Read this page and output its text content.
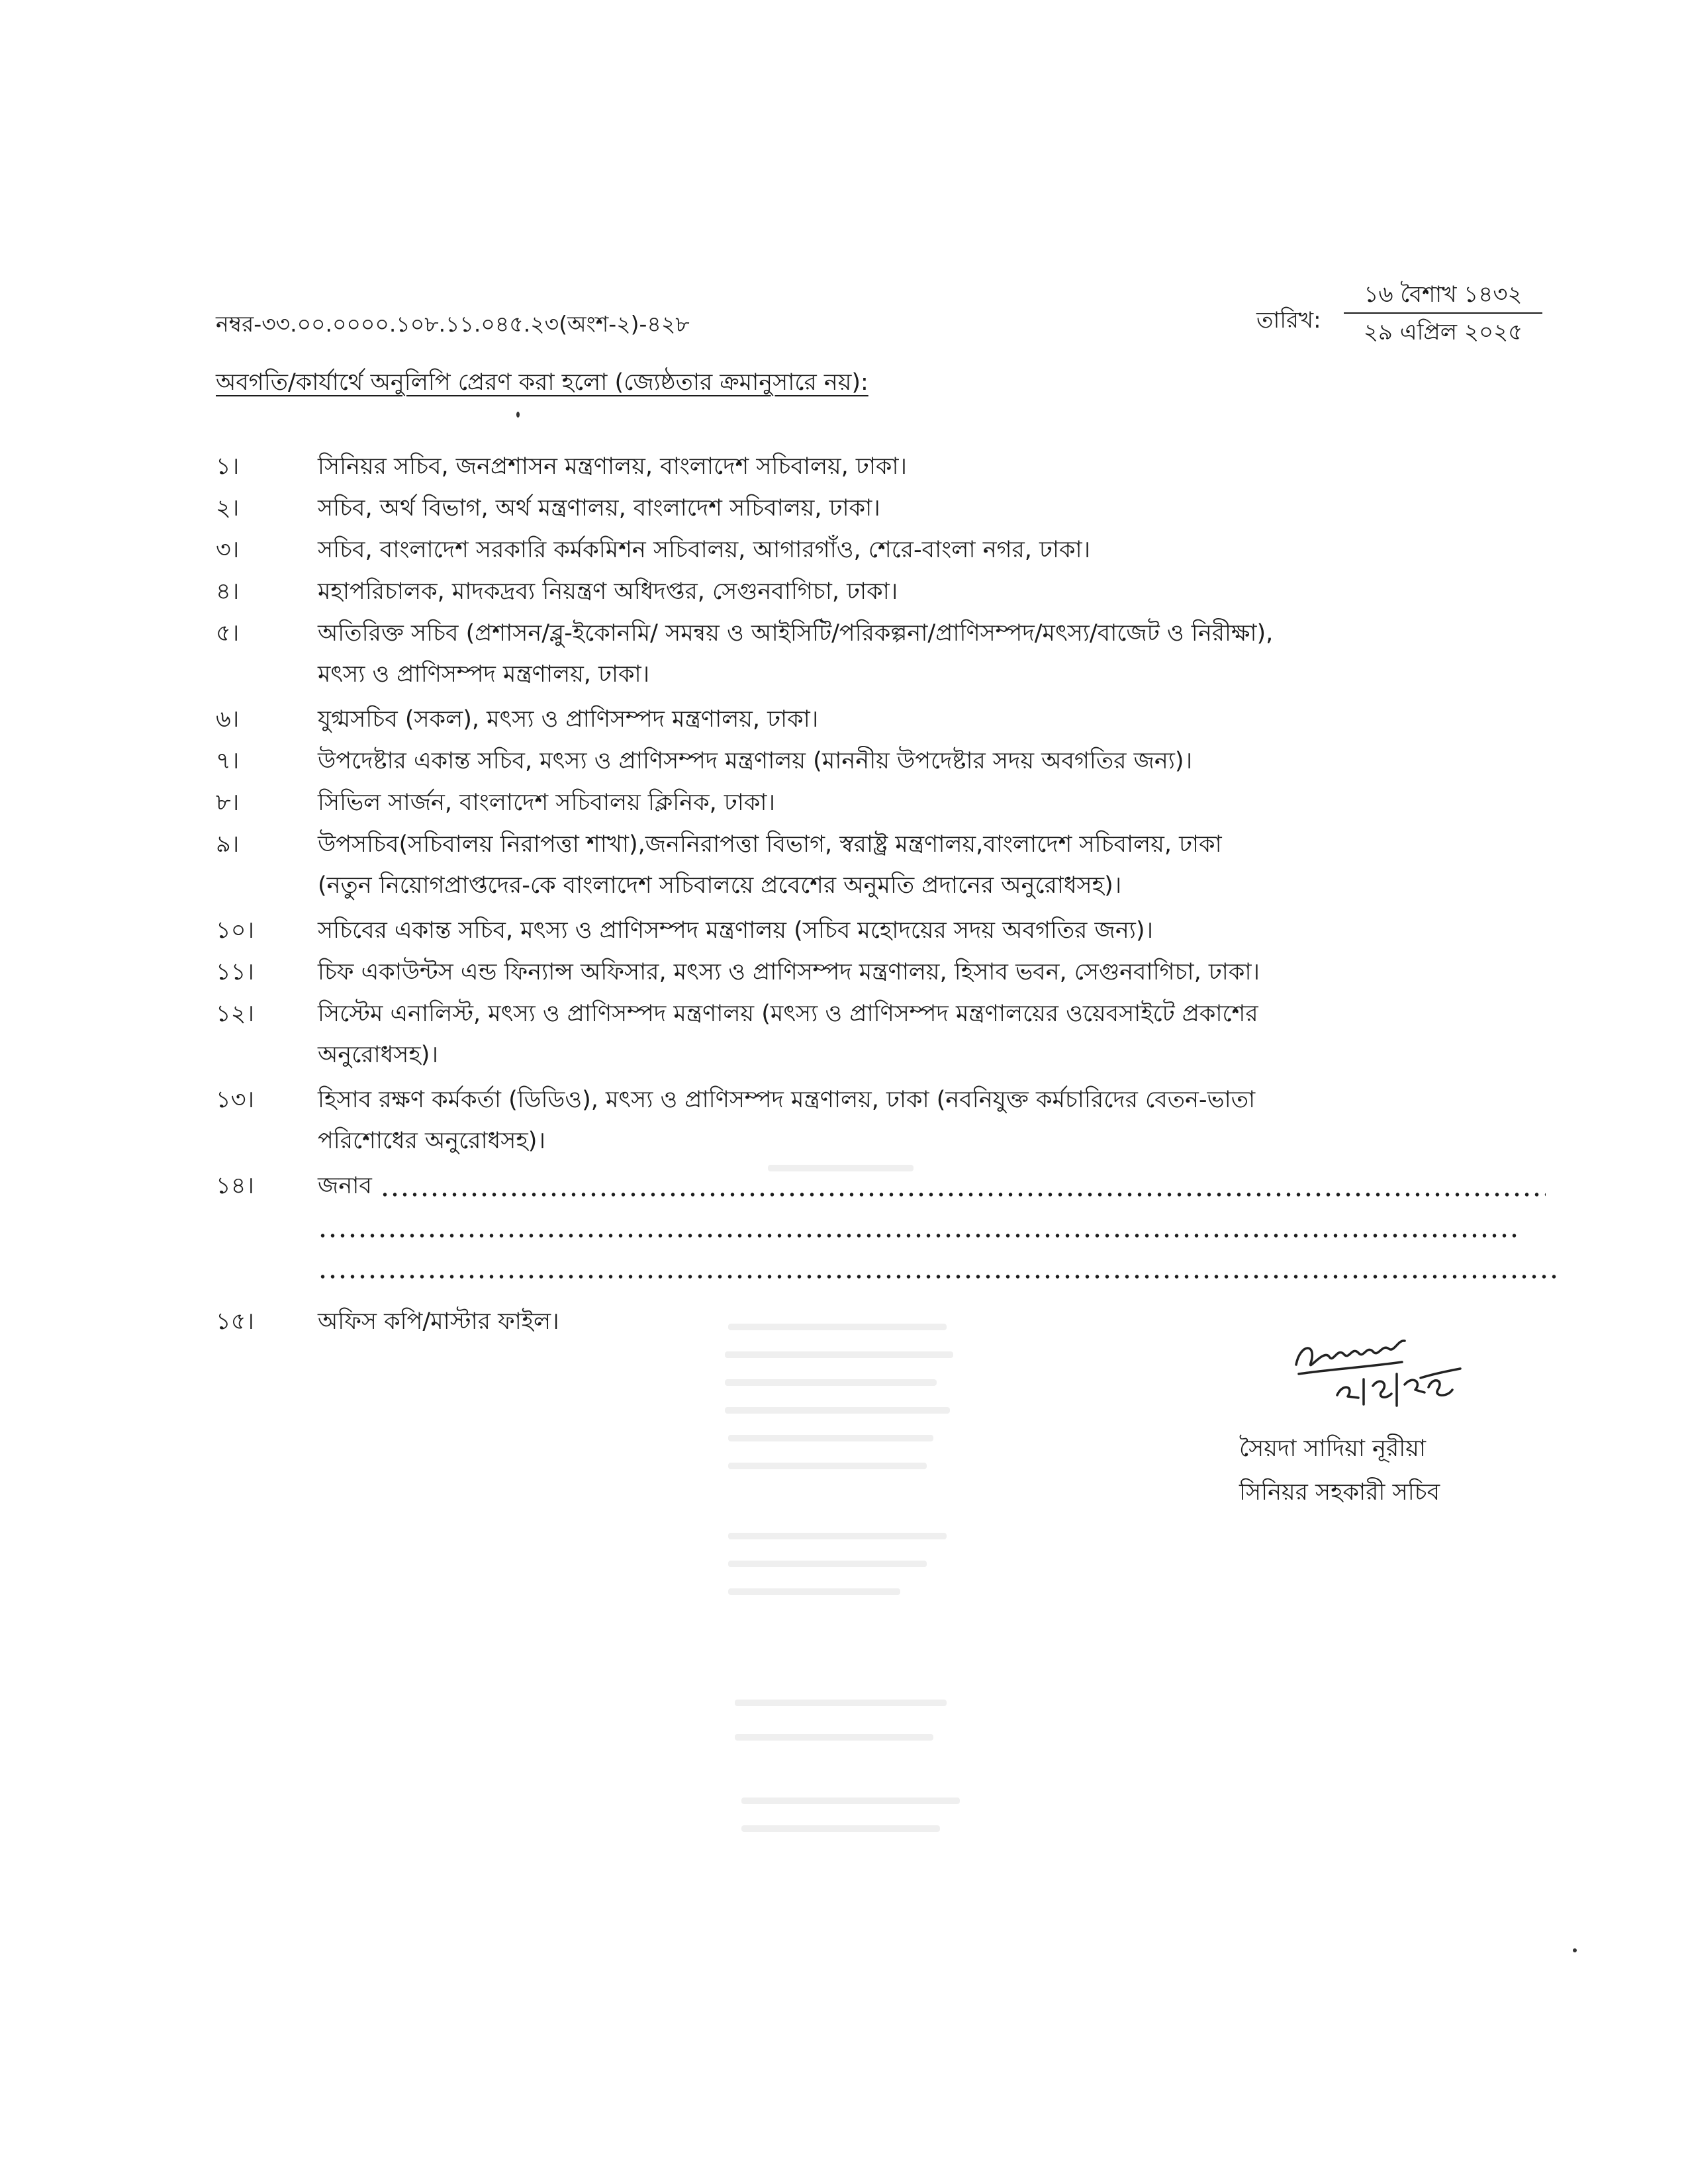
নম্বর-৩৩.০০.০০০০.১০৮.১১.০৪৫.২৩(অংশ-২)-৪২৮	তারিখ:
১৬ বৈশাখ ১৪৩২
২৯ এপ্রিল ২০২৫
অবগতি/কার্যার্থে অনুলিপি প্রেরণ করা হলো (জ্যেষ্ঠতার ক্রমানুসারে নয়):
১।	সিনিয়র সচিব, জনপ্রশাসন মন্ত্রণালয়, বাংলাদেশ সচিবালয়, ঢাকা।
২।	সচিব, অর্থ বিভাগ, অর্থ মন্ত্রণালয়, বাংলাদেশ সচিবালয়, ঢাকা।
৩।	সচিব, বাংলাদেশ সরকারি কর্মকমিশন সচিবালয়, আগারগাঁও, শেরে-বাংলা নগর, ঢাকা।
৪।	মহাপরিচালক, মাদকদ্রব্য নিয়ন্ত্রণ অধিদপ্তর, সেগুনবাগিচা, ঢাকা।
৫।	অতিরিক্ত সচিব (প্রশাসন/ব্লু-ইকোনমি/ সমন্বয় ও আইসিটি/পরিকল্পনা/প্রাণিসম্পদ/মৎস্য/বাজেট ও নিরীক্ষা),
মৎস্য ও প্রাণিসম্পদ মন্ত্রণালয়, ঢাকা।
৬।	যুগ্মসচিব (সকল), মৎস্য ও প্রাণিসম্পদ মন্ত্রণালয়, ঢাকা।
৭।	উপদেষ্টার একান্ত সচিব, মৎস্য ও প্রাণিসম্পদ মন্ত্রণালয় (মাননীয় উপদেষ্টার সদয় অবগতির জন্য)।
৮।	সিভিল সার্জন, বাংলাদেশ সচিবালয় ক্লিনিক, ঢাকা।
৯।	উপসচিব(সচিবালয় নিরাপত্তা শাখা),জননিরাপত্তা বিভাগ, স্বরাষ্ট্র মন্ত্রণালয়,বাংলাদেশ সচিবালয়, ঢাকা
(নতুন নিয়োগপ্রাপ্তদের-কে বাংলাদেশ সচিবালয়ে প্রবেশের অনুমতি প্রদানের অনুরোধসহ)।
১০।	সচিবের একান্ত সচিব, মৎস্য ও প্রাণিসম্পদ মন্ত্রণালয় (সচিব মহোদয়ের সদয় অবগতির জন্য)।
১১।	চিফ একাউন্টস এন্ড ফিন্যান্স অফিসার, মৎস্য ও প্রাণিসম্পদ মন্ত্রণালয়, হিসাব ভবন, সেগুনবাগিচা, ঢাকা।
১২।	সিস্টেম এনালিস্ট, মৎস্য ও প্রাণিসম্পদ মন্ত্রণালয় (মৎস্য ও প্রাণিসম্পদ মন্ত্রণালয়ের ওয়েবসাইটে প্রকাশের
অনুরোধসহ)।
১৩।	হিসাব রক্ষণ কর্মকর্তা (ডিডিও), মৎস্য ও প্রাণিসম্পদ মন্ত্রণালয়, ঢাকা (নবনিযুক্ত কর্মচারিদের বেতন-ভাতা
পরিশোধের অনুরোধসহ)।
১৪।	জনাব
১৫।	অফিস কপি/মাস্টার ফাইল।
সৈয়দা সাদিয়া নূরীয়া
সিনিয়র সহকারী সচিব
